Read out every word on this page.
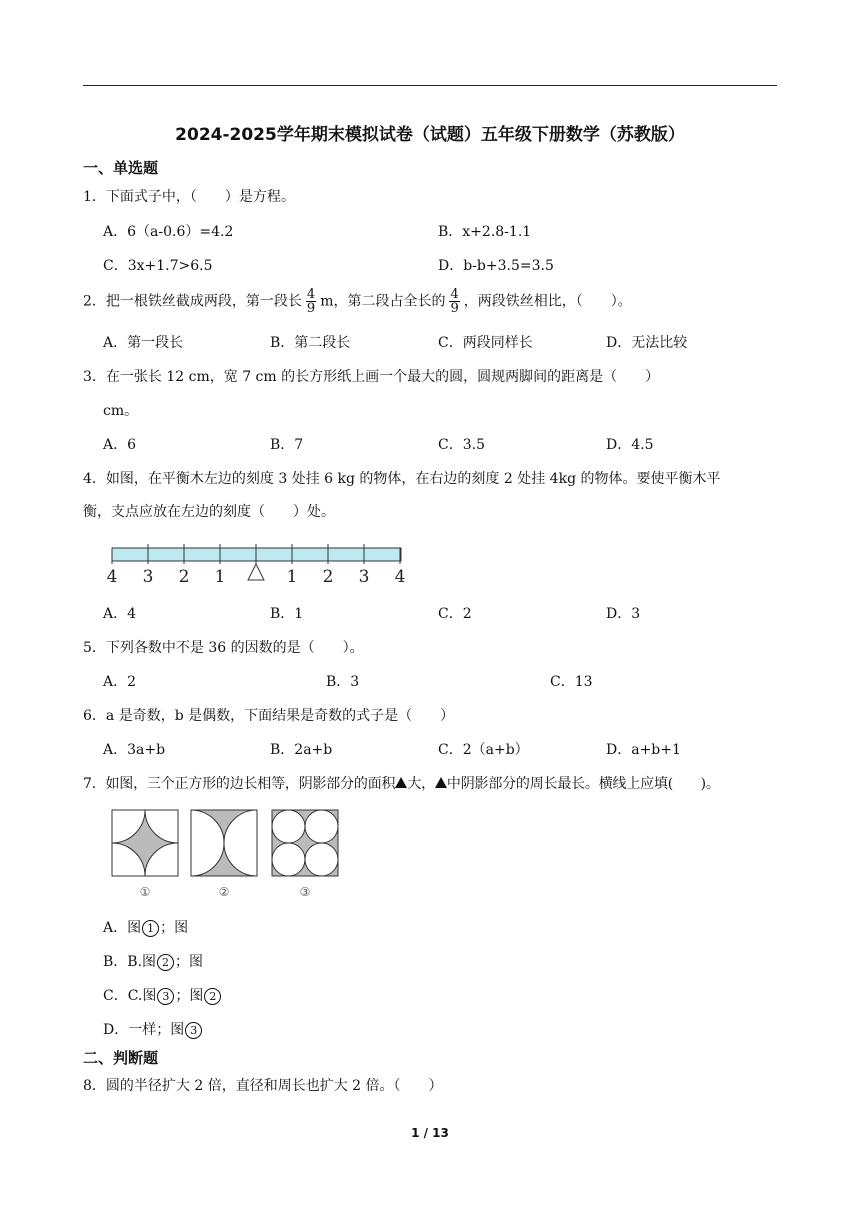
2024-2025学年期末模拟试卷（试题）五年级下册数学（苏教版）
一、单选题
1．下面式子中，（　　）是方程。
A．6（a-0.6）=4.2	B．x+2.8-1.1
C．3x+1.7>6.5	D．b-b+3.5=3.5
2．把一根铁丝截成两段，第一段长 $\frac{4}{9}$ m，第二段占全长的 $\frac{4}{9}$ ，两段铁丝相比，（　　）。
A．第一段长	B．第二段长	C．两段同样长	D．无法比较
3．在一张长 12 cm，宽 7 cm 的长方形纸上画一个最大的圆，圆规两脚间的距离是（　　）
cm。
A．6	B．7	C．3.5	D．4.5
4．如图，在平衡木左边的刻度 3 处挂 6 kg 的物体，在右边的刻度 2 处挂 4kg 的物体。要使平衡木平
衡，支点应放在左边的刻度（　　）处。
4 3 2 1	1 2 3 4
A．4	B．1	C．2	D．3
5．下列各数中不是 36 的因数的是（　　）。
A．2	B．3	C．13
6．a 是奇数，b 是偶数，下面结果是奇数的式子是（　　）
A．3a+b	B．2a+b	C．2（a+b）	D．a+b+1
7．如图，三个正方形的边长相等，阴影部分的面积 大， 中阴影部分的周长最长。横线上应填(　　)。
①	②	③
A．图 1 ；图
B．B.图 2 ；图
C．C.图 3 ；图 2
D．一样；图 3
二、判断题
8．圆的半径扩大 2 倍，直径和周长也扩大 2 倍。（　　）
1 / 13
